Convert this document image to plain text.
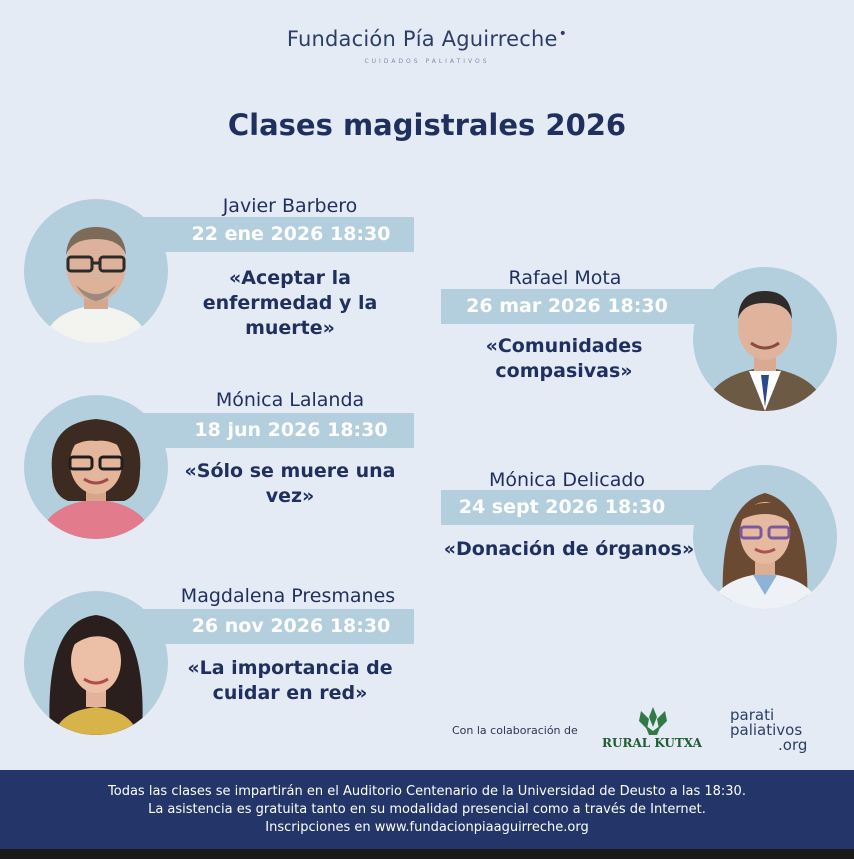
Fundación Pía Aguirreche•
CUIDADOS PALIATIVOS
Clases magistrales 2026
Javier Barbero
22 ene 2026 18:30
«Aceptar la
enfermedad y la
muerte»
Rafael Mota
26 mar 2026 18:30
«Comunidades
compasivas»
Mónica Lalanda
18 jun 2026 18:30
«Sólo se muere una
vez»
Mónica Delicado
24 sept 2026 18:30
«Donación de órganos»
Magdalena Presmanes
26 nov 2026 18:30
«La importancia de
cuidar en red»
Con la colaboración de
RURAL KUTXA
parati
paliativos
.org
Todas las clases se impartirán en el Auditorio Centenario de la Universidad de Deusto a las 18:30.
La asistencia es gratuita tanto en su modalidad presencial como a través de Internet.
Inscripciones en www.fundacionpiaaguirreche.org
